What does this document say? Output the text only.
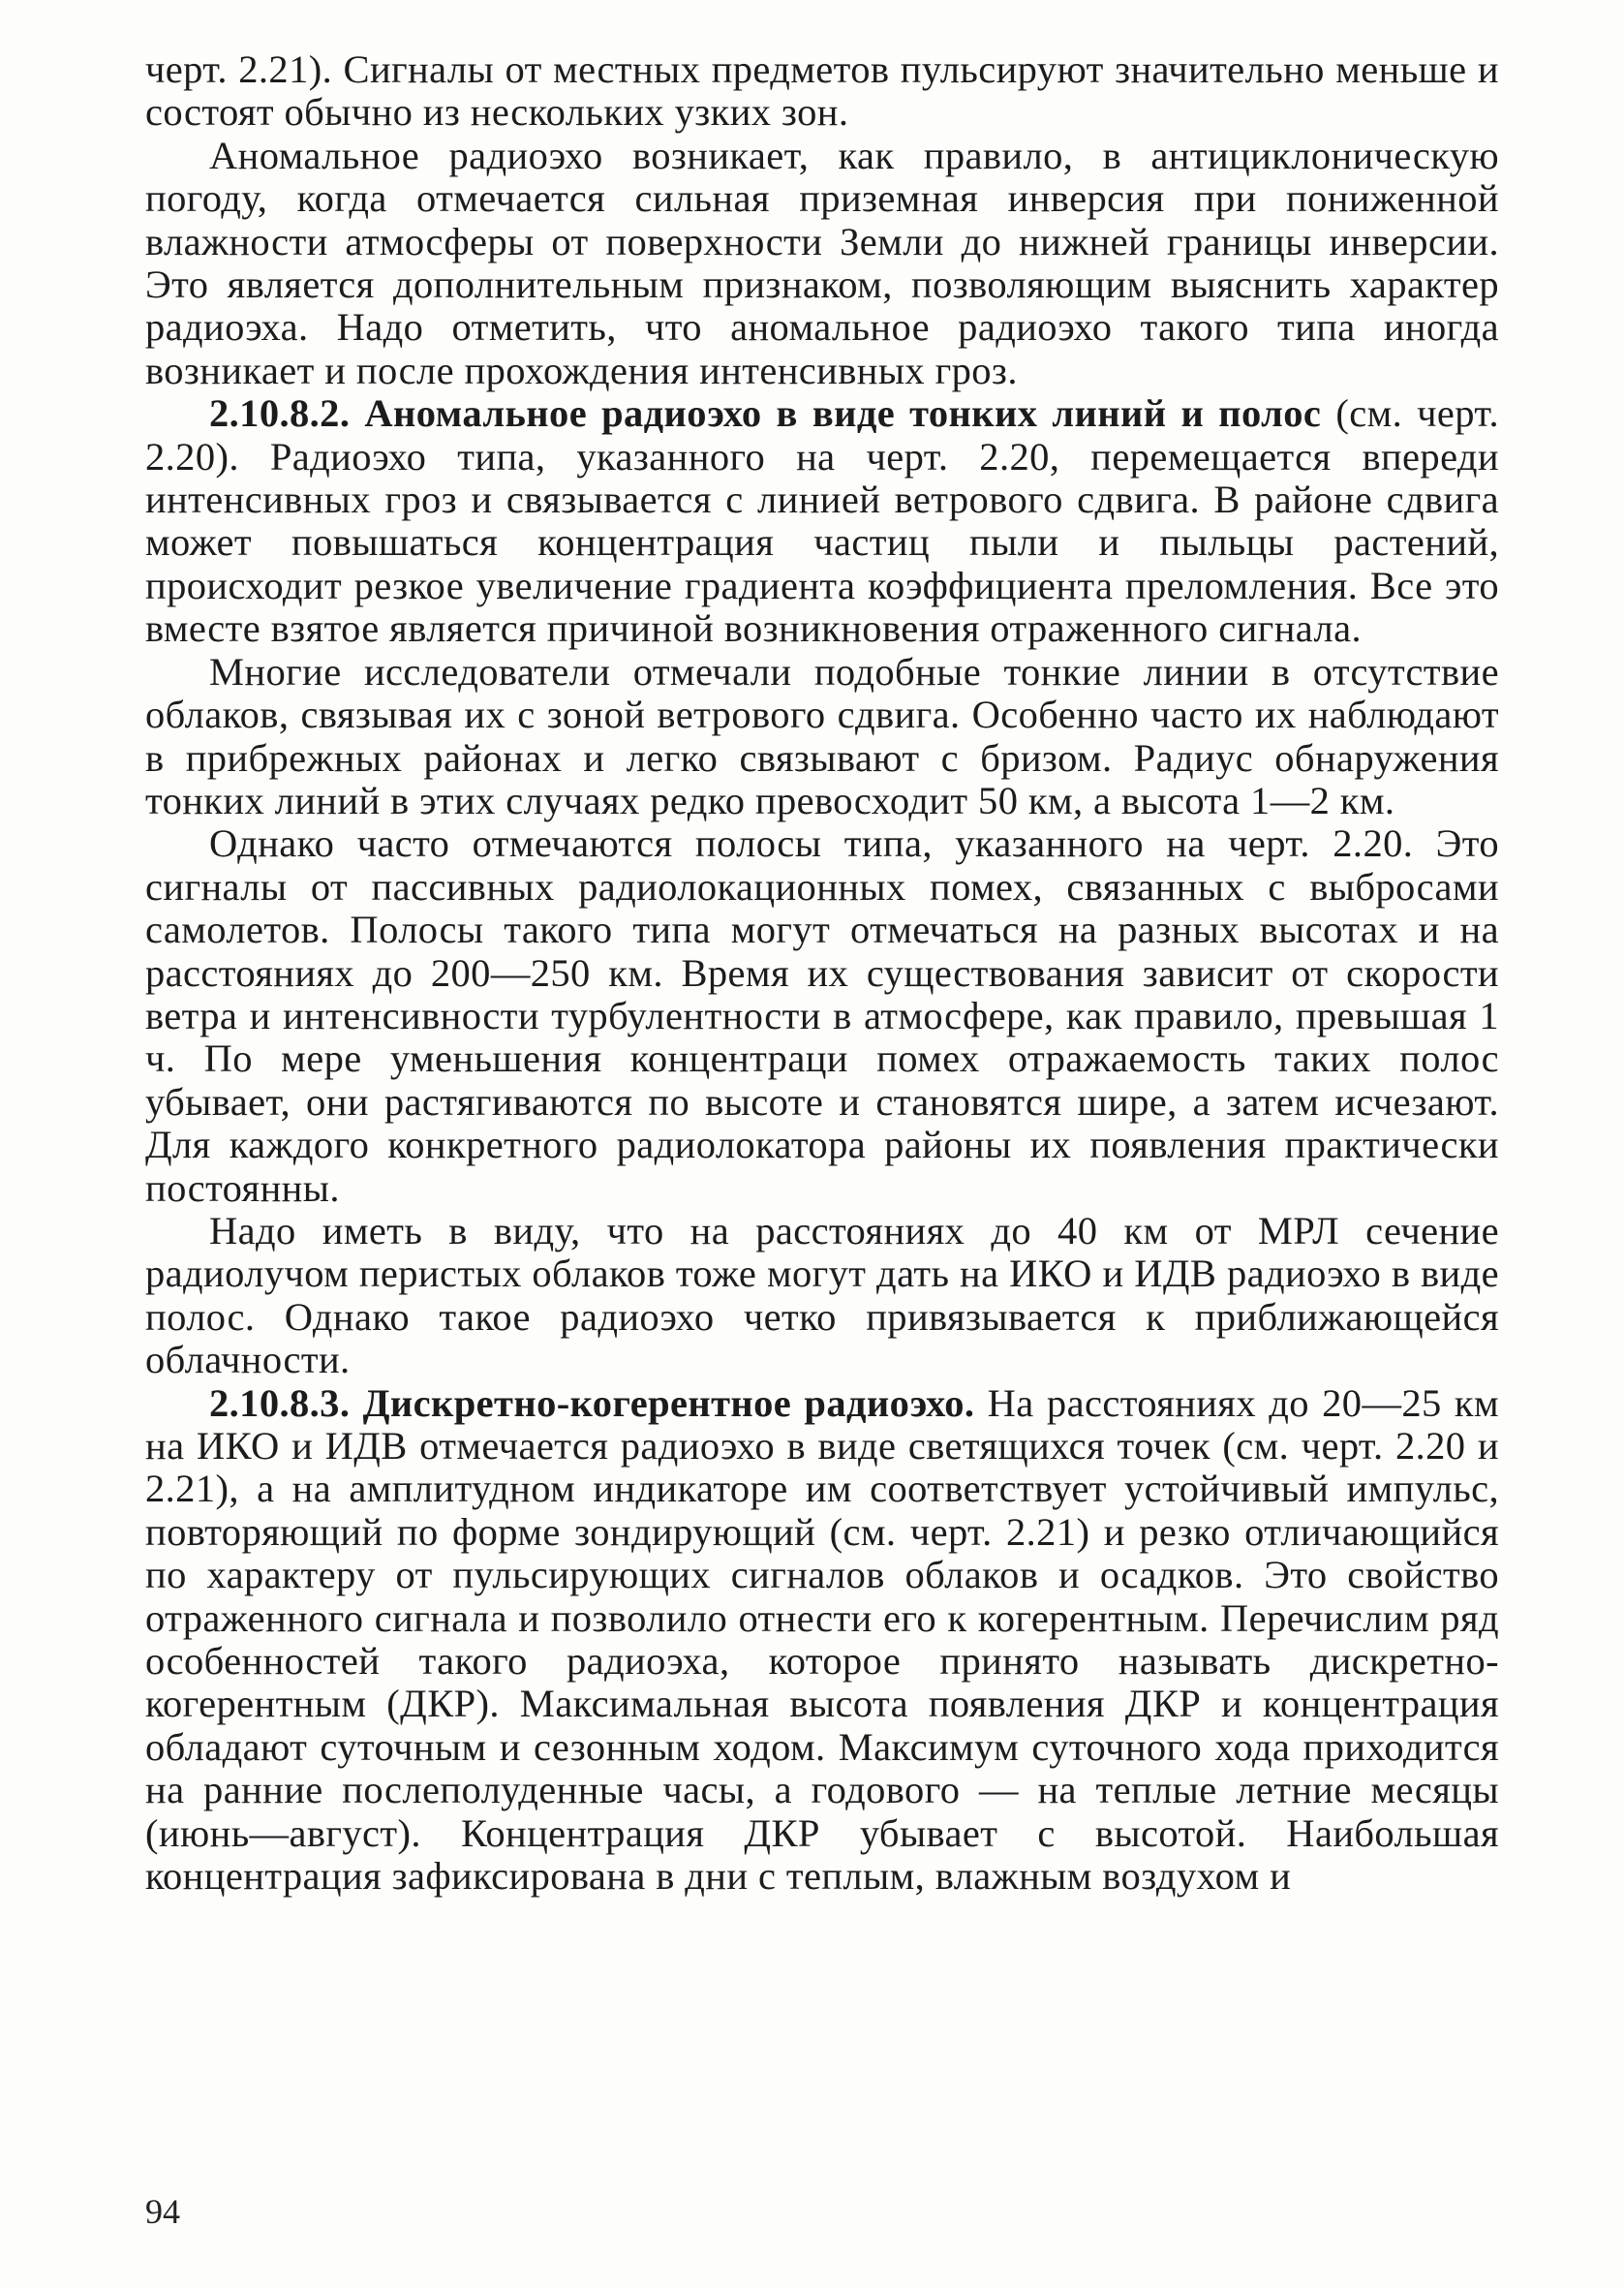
черт. 2.21). Сигналы от местных предметов пульсируют значительно меньше и состоят обычно из нескольких узких зон.

Аномальное радиоэхо возникает, как правило, в антициклоническую погоду, когда отмечается сильная приземная инверсия при пониженной влажности атмосферы от поверхности Земли до нижней границы инверсии. Это является дополнительным признаком, позволяющим выяснить характер радиоэха. Надо отметить, что аномальное радиоэхо такого типа иногда возникает и после прохождения интенсивных гроз.

2.10.8.2. Аномальное радиоэхо в виде тонких линий и полос (см. черт. 2.20). Радиоэхо типа, указанного на черт. 2.20, перемещается впереди интенсивных гроз и связывается с линией ветрового сдвига. В районе сдвига может повышаться концентрация частиц пыли и пыльцы растений, происходит резкое увеличение градиента коэффициента преломления. Все это вместе взятое является причиной возникновения отраженного сигнала.

Многие исследователи отмечали подобные тонкие линии в отсутствие облаков, связывая их с зоной ветрового сдвига. Особенно часто их наблюдают в прибрежных районах и легко связывают с бризом. Радиус обнаружения тонких линий в этих случаях редко превосходит 50 км, а высота 1—2 км.

Однако часто отмечаются полосы типа, указанного на черт. 2.20. Это сигналы от пассивных радиолокационных помех, связанных с выбросами самолетов. Полосы такого типа могут отмечаться на разных высотах и на расстояниях до 200—250 км. Время их существования зависит от скорости ветра и интенсивности турбулентности в атмосфере, как правило, превышая 1 ч. По мере уменьшения концентраци помех отражаемость таких полос убывает, они растягиваются по высоте и становятся шире, а затем исчезают. Для каждого конкретного радиолокатора районы их появления практически постоянны.

Надо иметь в виду, что на расстояниях до 40 км от МРЛ сечение радиолучом перистых облаков тоже могут дать на ИКО и ИДВ радиоэхо в виде полос. Однако такое радиоэхо четко привязывается к приближающейся облачности.

2.10.8.3. Дискретно-когерентное радиоэхо. На расстояниях до 20—25 км на ИКО и ИДВ отмечается радиоэхо в виде светящихся точек (см. черт. 2.20 и 2.21), а на амплитудном индикаторе им соответствует устойчивый импульс, повторяющий по форме зондирующий (см. черт. 2.21) и резко отличающийся по характеру от пульсирующих сигналов облаков и осадков. Это свойство отраженного сигнала и позволило отнести его к когерентным. Перечислим ряд особенностей такого радиоэха, которое принято называть дискретно-когерентным (ДКР). Максимальная высота появления ДКР и концентрация обладают суточным и сезонным ходом. Максимум суточного хода приходится на ранние послеполуденные часы, а годового — на теплые летние месяцы (июнь—август). Концентрация ДКР убывает с высотой. Наибольшая концентрация зафиксирована в дни с теплым, влажным воздухом и

94
